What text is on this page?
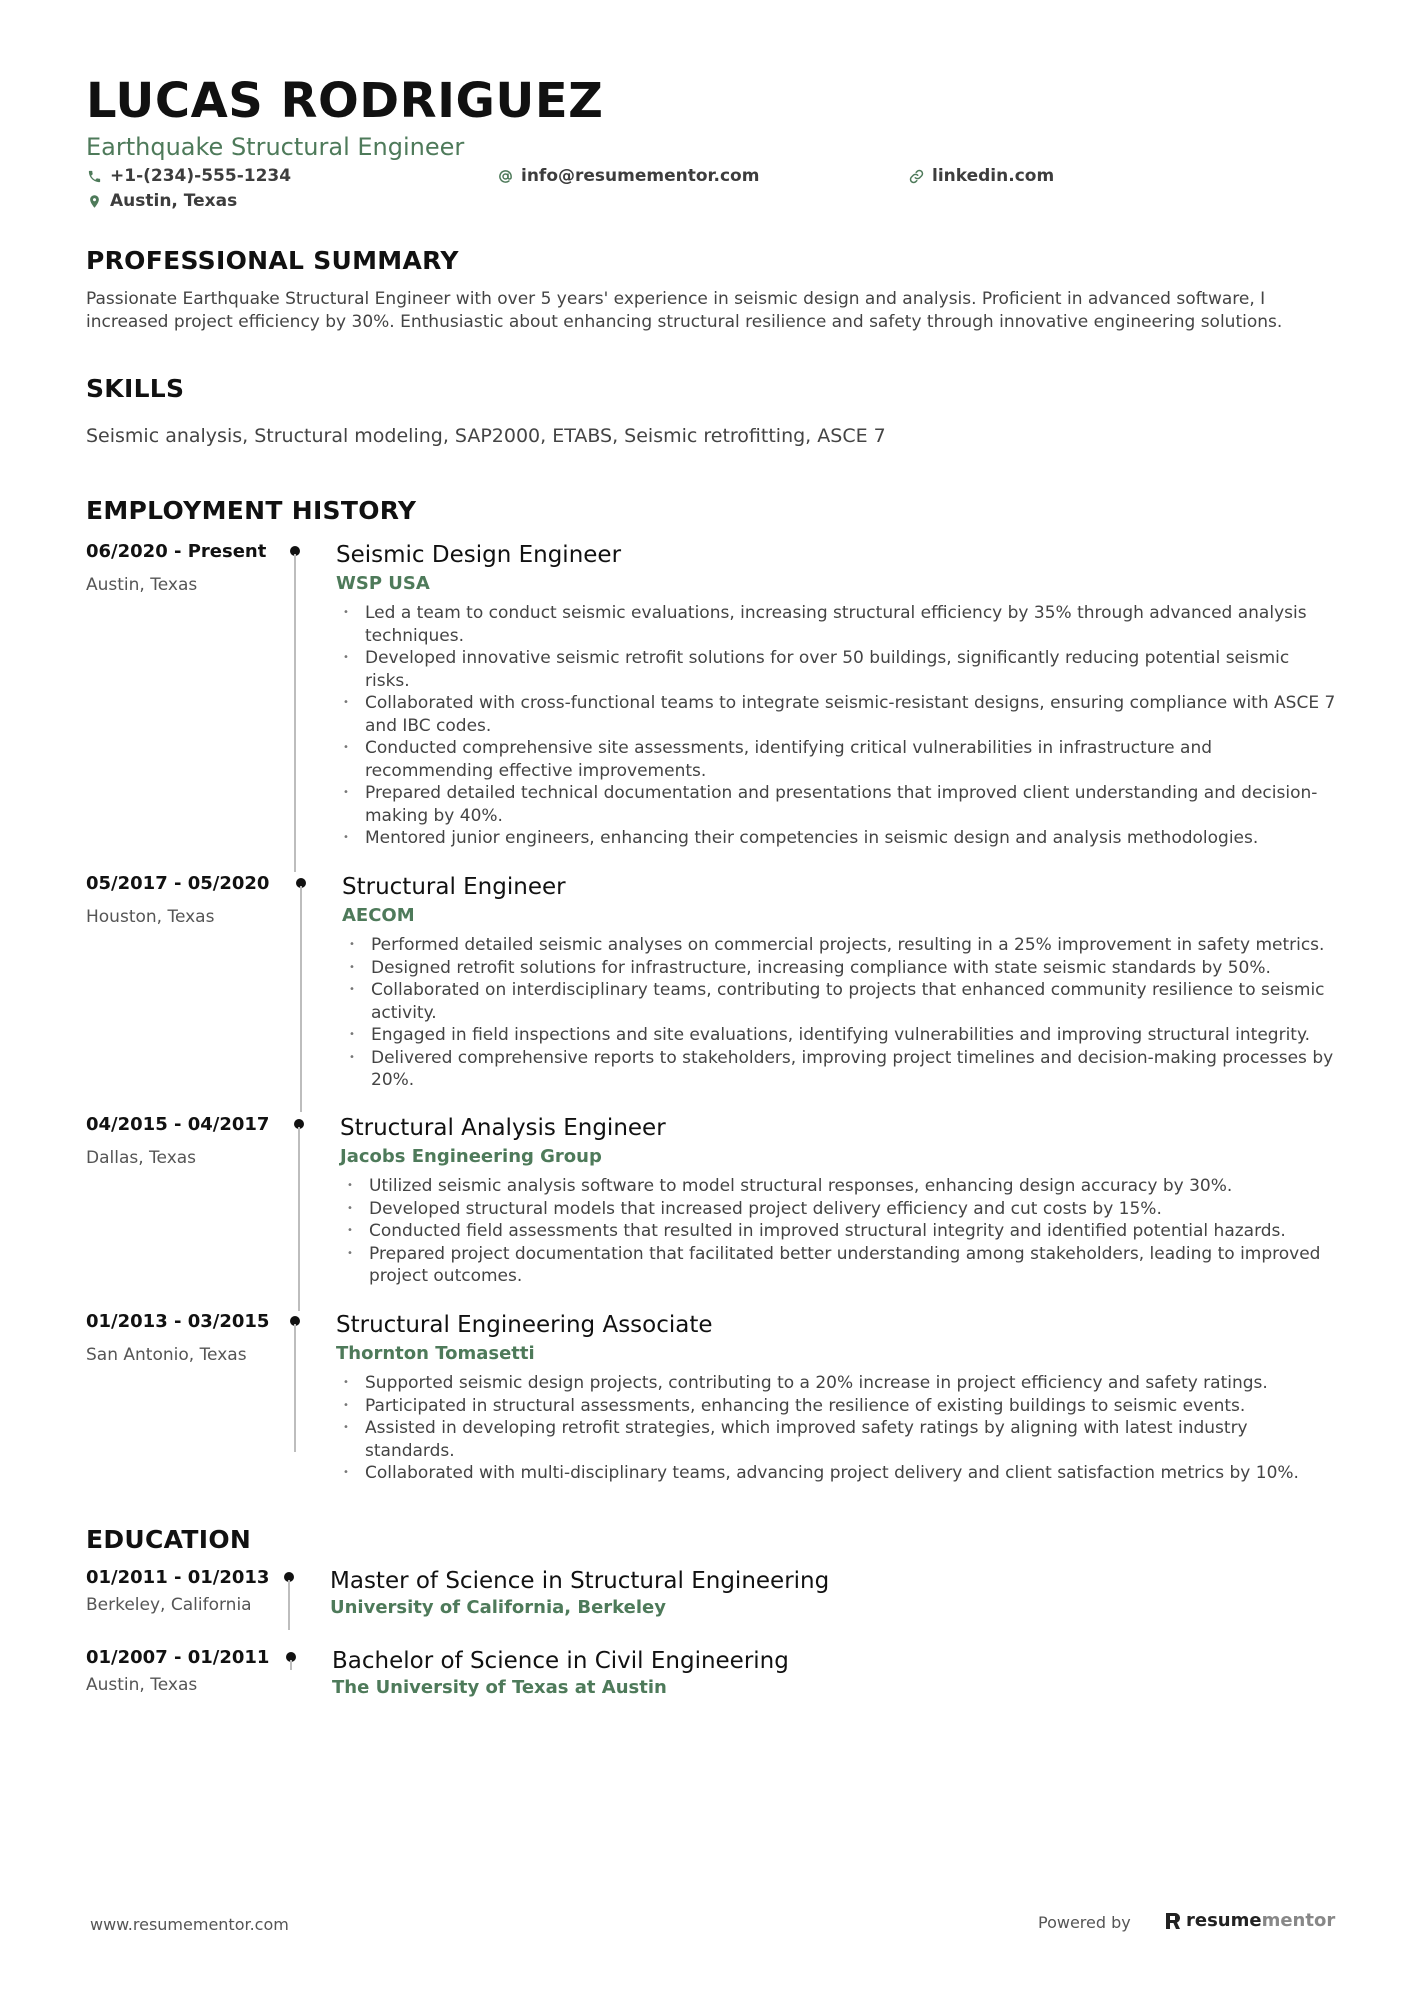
LUCAS RODRIGUEZ
Earthquake Structural Engineer
+1-(234)-555-1234
Austin, Texas
info@resumementor.com	linkedin.com
PROFESSIONAL SUMMARY
Passionate Earthquake Structural Engineer with over 5 years' experience in seismic design and analysis. Proficient in advanced software, I
increased project efficiency by 30%. Enthusiastic about enhancing structural resilience and safety through innovative engineering solutions.
SKILLS
Seismic analysis, Structural modeling, SAP2000, ETABS, Seismic retrofitting, ASCE 7
EMPLOYMENT HISTORY
06/2020 - Present
Austin, Texas
Seismic Design Engineer
WSP USA
• Led a team to conduct seismic evaluations, increasing structural efficiency by 35% through advanced analysis techniques.
• Developed innovative seismic retrofit solutions for over 50 buildings, significantly reducing potential seismic risks.
• Collaborated with cross-functional teams to integrate seismic-resistant designs, ensuring compliance with ASCE 7 and IBC codes.
• Conducted comprehensive site assessments, identifying critical vulnerabilities in infrastructure and recommending effective improvements.
• Prepared detailed technical documentation and presentations that improved client understanding and decision-making by 40%.
• Mentored junior engineers, enhancing their competencies in seismic design and analysis methodologies.
05/2017 - 05/2020
Houston, Texas
Structural Engineer
AECOM
• Performed detailed seismic analyses on commercial projects, resulting in a 25% improvement in safety metrics.
• Designed retrofit solutions for infrastructure, increasing compliance with state seismic standards by 50%.
• Collaborated on interdisciplinary teams, contributing to projects that enhanced community resilience to seismic activity.
• Engaged in field inspections and site evaluations, identifying vulnerabilities and improving structural integrity.
• Delivered comprehensive reports to stakeholders, improving project timelines and decision-making processes by 20%.
04/2015 - 04/2017
Dallas, Texas
Structural Analysis Engineer
Jacobs Engineering Group
• Utilized seismic analysis software to model structural responses, enhancing design accuracy by 30%.
• Developed structural models that increased project delivery efficiency and cut costs by 15%.
• Conducted field assessments that resulted in improved structural integrity and identified potential hazards.
• Prepared project documentation that facilitated better understanding among stakeholders, leading to improved project outcomes.
01/2013 - 03/2015
San Antonio, Texas
Structural Engineering Associate
Thornton Tomasetti
• Supported seismic design projects, contributing to a 20% increase in project efficiency and safety ratings.
• Participated in structural assessments, enhancing the resilience of existing buildings to seismic events.
• Assisted in developing retrofit strategies, which improved safety ratings by aligning with latest industry standards.
• Collaborated with multi-disciplinary teams, advancing project delivery and client satisfaction metrics by 10%.
EDUCATION
01/2011 - 01/2013
Berkeley, California
Master of Science in Structural Engineering
University of California, Berkeley
01/2007 - 01/2011
Austin, Texas
Bachelor of Science in Civil Engineering
The University of Texas at Austin
www.resumementor.com	Powered by	resume mentor
